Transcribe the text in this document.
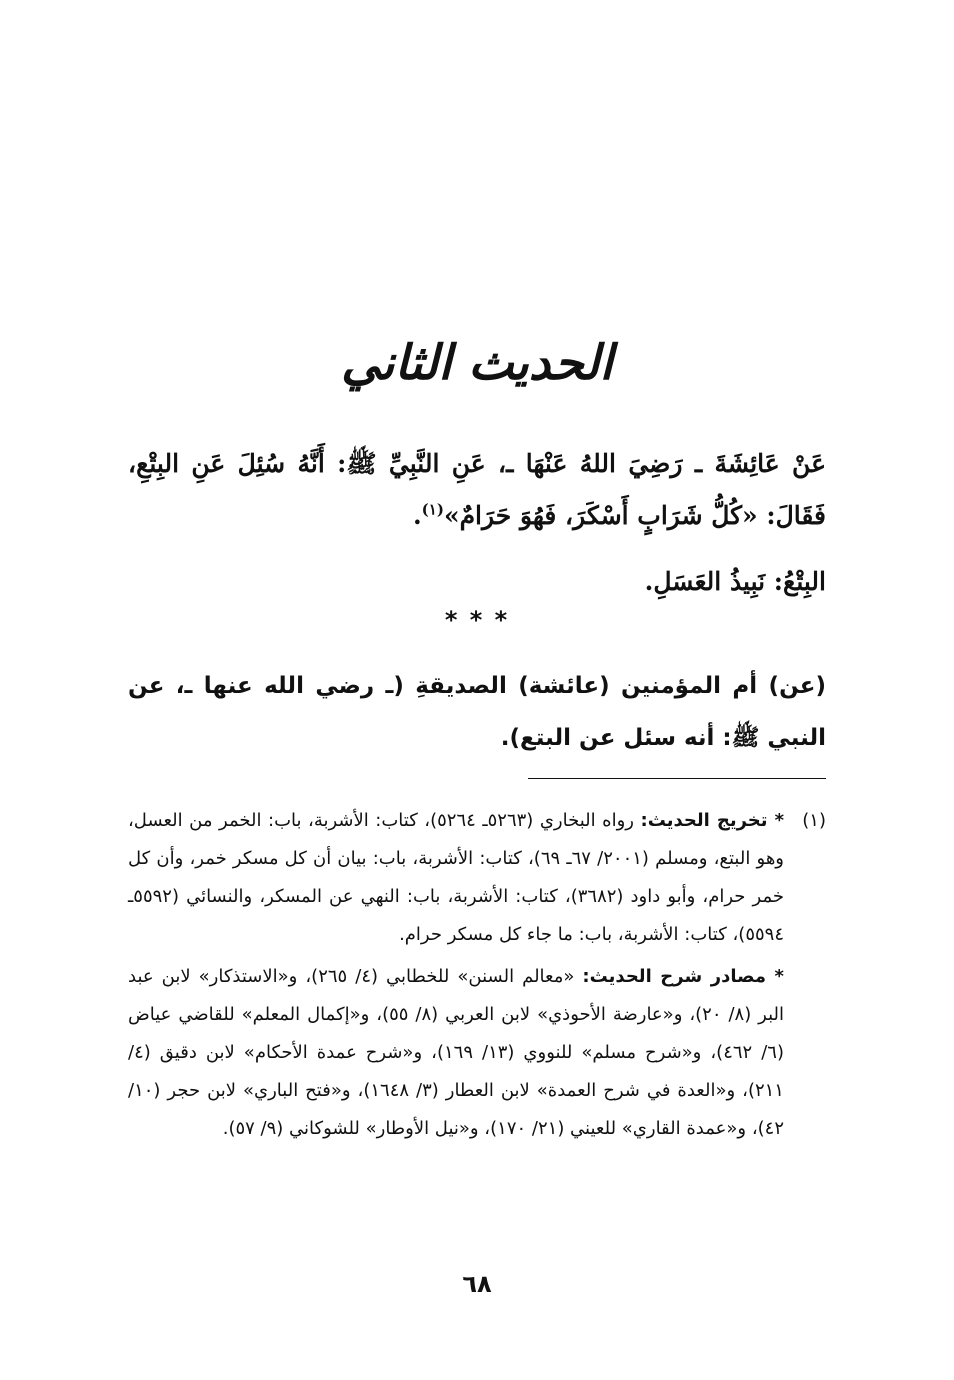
الحديث الثاني

عَنْ عَائِشَةَ ـ رَضِيَ اللهُ عَنْهَا ـ، عَنِ النَّبِيِّ ﷺ: أَنَّهُ سُئِلَ عَنِ البِتْعِ، فَقَالَ: «كُلُّ شَرَابٍ أَسْكَرَ، فَهُوَ حَرَامٌ»$^{(١)}$.

البِتْعُ: نَبِيذُ العَسَلِ.

* * *

(عن) أم المؤمنين (عائشة) الصديقةِ (ـ رضي الله عنها ـ، عن النبي ﷺ: أنه سئل عن البتع).

(١)

* تخريج الحديث: رواه البخاري (٥٢٦٣ـ ٥٢٦٤)، كتاب: الأشربة، باب: الخمر من العسل، وهو البتع، ومسلم (٢٠٠١/ ٦٧ـ ٦٩)، كتاب: الأشربة، باب: بيان أن كل مسكر خمر، وأن كل خمر حرام، وأبو داود (٣٦٨٢)، كتاب: الأشربة، باب: النهي عن المسكر، والنسائي (٥٥٩٢ـ ٥٥٩٤)، كتاب: الأشربة، باب: ما جاء كل مسكر حرام.

* مصادر شرح الحديث: «معالم السنن» للخطابي (٤/ ٢٦٥)، و«الاستذكار» لابن عبد البر (٨/ ٢٠)، و«عارضة الأحوذي» لابن العربي (٨/ ٥٥)، و«إكمال المعلم» للقاضي عياض (٦/ ٤٦٢)، و«شرح مسلم» للنووي (١٣/ ١٦٩)، و«شرح عمدة الأحكام» لابن دقيق (٤/ ٢١١)، و«العدة في شرح العمدة» لابن العطار (٣/ ١٦٤٨)، و«فتح الباري» لابن حجر (١٠/ ٤٢)، و«عمدة القاري» للعيني (٢١/ ١٧٠)، و«نيل الأوطار» للشوكاني (٩/ ٥٧).

٦٨
